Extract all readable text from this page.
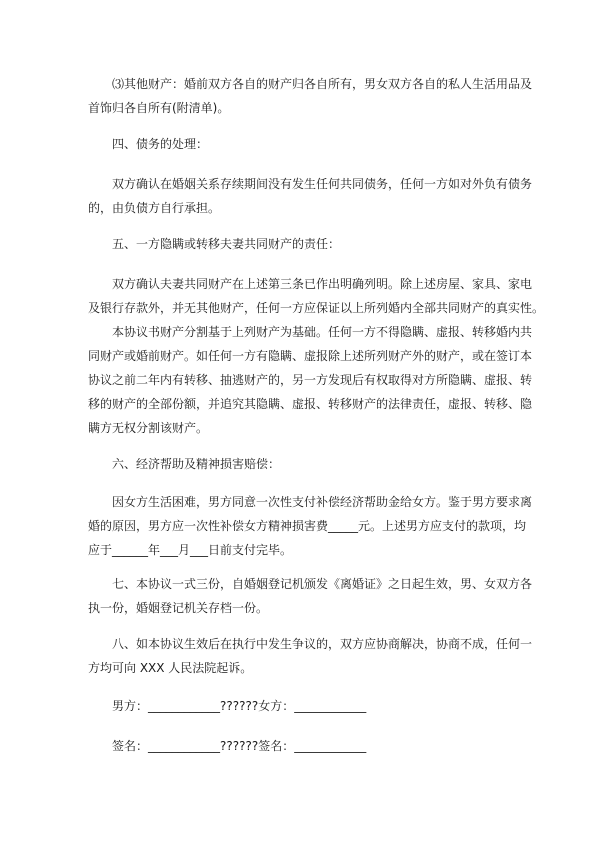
⑶其他财产：婚前双方各自的财产归各自所有，男女双方各自的私人生活用品及
首饰归各自所有(附清单)。

四、债务的处理：

双方确认在婚姻关系存续期间没有发生任何共同债务，任何一方如对外负有债务
的，由负债方自行承担。

五、一方隐瞒或转移夫妻共同财产的责任：

双方确认夫妻共同财产在上述第三条已作出明确列明。除上述房屋、家具、家电
及银行存款外，并无其他财产，任何一方应保证以上所列婚内全部共同财产的真实性。

本协议书财产分割基于上列财产为基础。任何一方不得隐瞒、虚报、转移婚内共
同财产或婚前财产。如任何一方有隐瞒、虚报除上述所列财产外的财产，或在签订本
协议之前二年内有转移、抽逃财产的，另一方发现后有权取得对方所隐瞒、虚报、转
移的财产的全部份额，并追究其隐瞒、虚报、转移财产的法律责任，虚报、转移、隐
瞒方无权分割该财产。

六、经济帮助及精神损害赔偿：

因女方生活困难，男方同意一次性支付补偿经济帮助金给女方。鉴于男方要求离
婚的原因，男方应一次性补偿女方精神损害费_____元。上述男方应支付的款项，均
应于______年___月___日前支付完毕。

七、本协议一式三份，自婚姻登记机颁发《离婚证》之日起生效，男、女双方各
执一份，婚姻登记机关存档一份。

八、如本协议生效后在执行中发生争议的，双方应协商解决，协商不成，任何一
方均可向 XXX 人民法院起诉。

男方：____________??????女方：____________

签名：____________??????签名：____________
